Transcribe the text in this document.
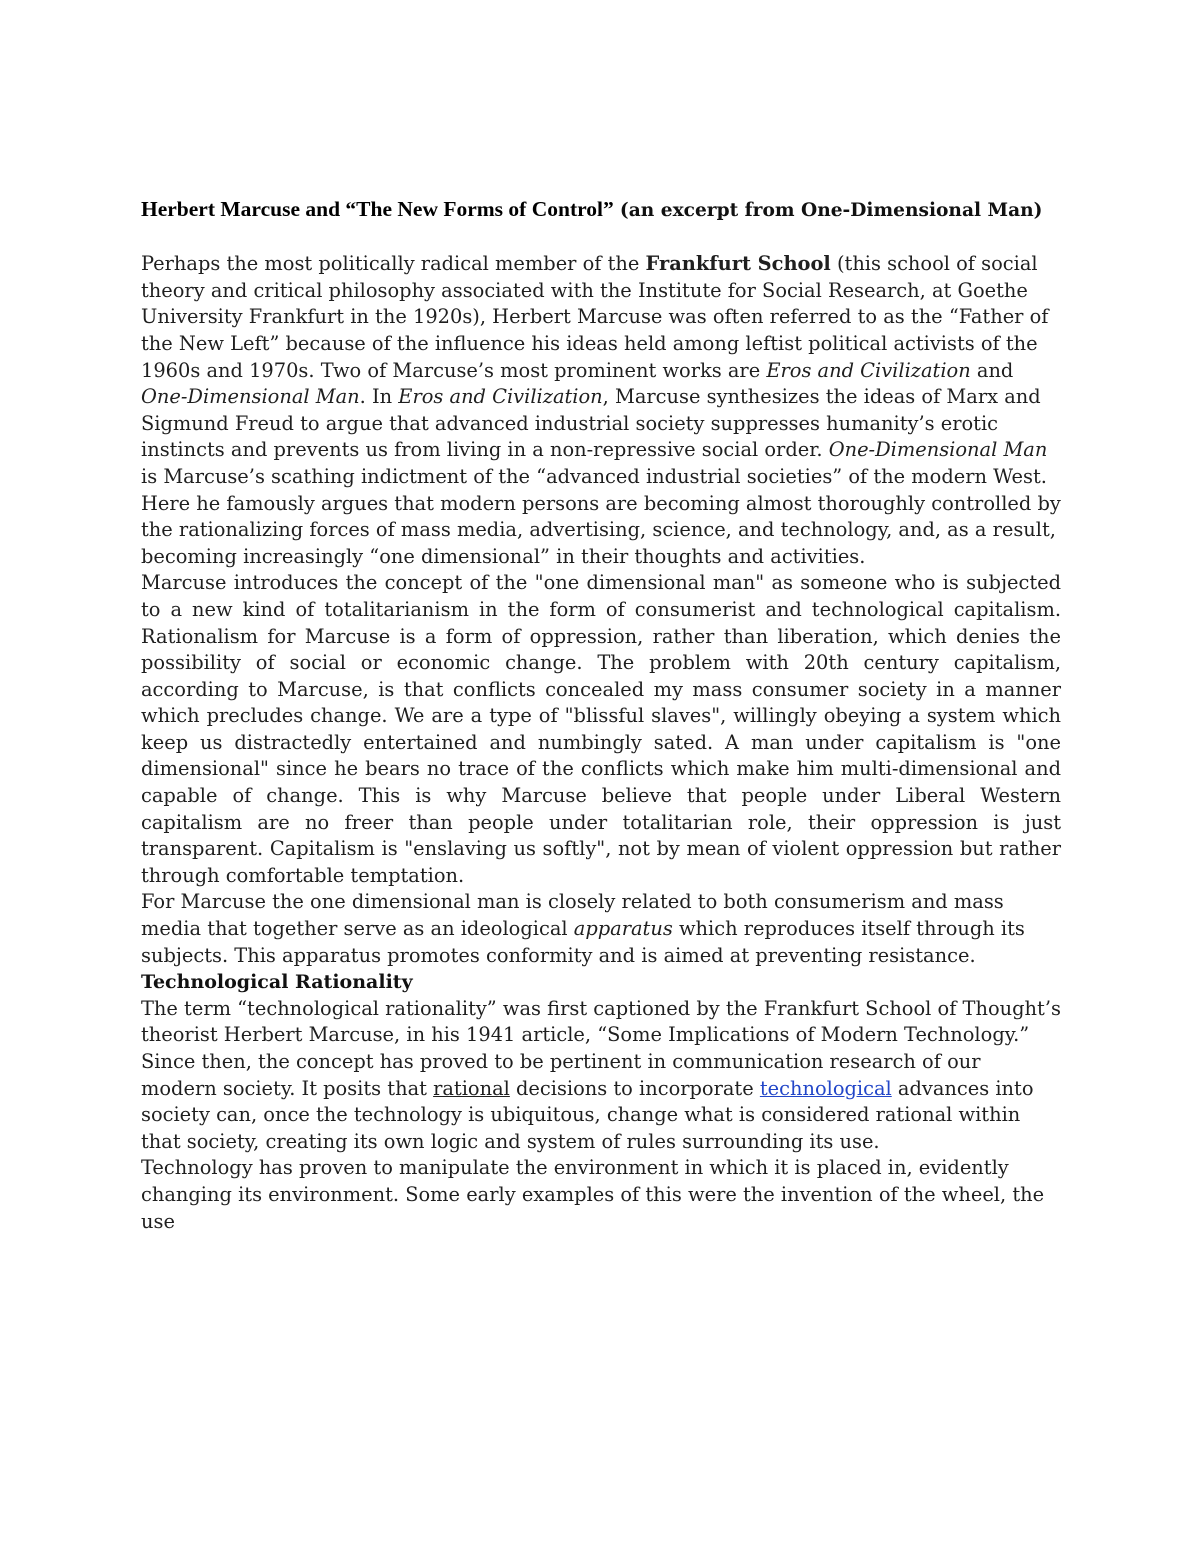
Herbert Marcuse and “The New Forms of Control” (an excerpt from One-Dimensional Man)

Perhaps the most politically radical member of the Frankfurt School (this school of social theory and critical philosophy associated with the Institute for Social Research, at Goethe University Frankfurt in the 1920s), Herbert Marcuse was often referred to as the “Father of the New Left” because of the influence his ideas held among leftist political activists of the 1960s and 1970s. Two of Marcuse’s most prominent works are Eros and Civilization and One-Dimensional Man. In Eros and Civilization, Marcuse synthesizes the ideas of Marx and Sigmund Freud to argue that advanced industrial society suppresses humanity’s erotic instincts and prevents us from living in a non-repressive social order. One-Dimensional Man is Marcuse’s scathing indictment of the “advanced industrial societies” of the modern West. Here he famously argues that modern persons are becoming almost thoroughly controlled by the rationalizing forces of mass media, advertising, science, and technology, and, as a result, becoming increasingly “one dimensional” in their thoughts and activities.

Marcuse introduces the concept of the "one dimensional man" as someone who is subjected to a new kind of totalitarianism in the form of consumerist and technological capitalism. Rationalism for Marcuse is a form of oppression, rather than liberation, which denies the possibility of social or economic change. The problem with 20th century capitalism, according to Marcuse, is that conflicts concealed my mass consumer society in a manner which precludes change. We are a type of "blissful slaves", willingly obeying a system which keep us distractedly entertained and numbingly sated. A man under capitalism is "one dimensional" since he bears no trace of the conflicts which make him multi-dimensional and capable of change. This is why Marcuse believe that people under Liberal Western capitalism are no freer than people under totalitarian role, their oppression is just transparent. Capitalism is "enslaving us softly", not by mean of violent oppression but rather through comfortable temptation.

For Marcuse the one dimensional man is closely related to both consumerism and mass media that together serve as an ideological apparatus which reproduces itself through its subjects. This apparatus promotes conformity and is aimed at preventing resistance.

Technological Rationality

The term “technological rationality” was first captioned by the Frankfurt School of Thought’s theorist Herbert Marcuse, in his 1941 article, “Some Implications of Modern Technology.” Since then, the concept has proved to be pertinent in communication research of our modern society. It posits that rational decisions to incorporate technological advances into society can, once the technology is ubiquitous, change what is considered rational within that society, creating its own logic and system of rules surrounding its use.

Technology has proven to manipulate the environment in which it is placed in, evidently changing its environment. Some early examples of this were the invention of the wheel, the use
